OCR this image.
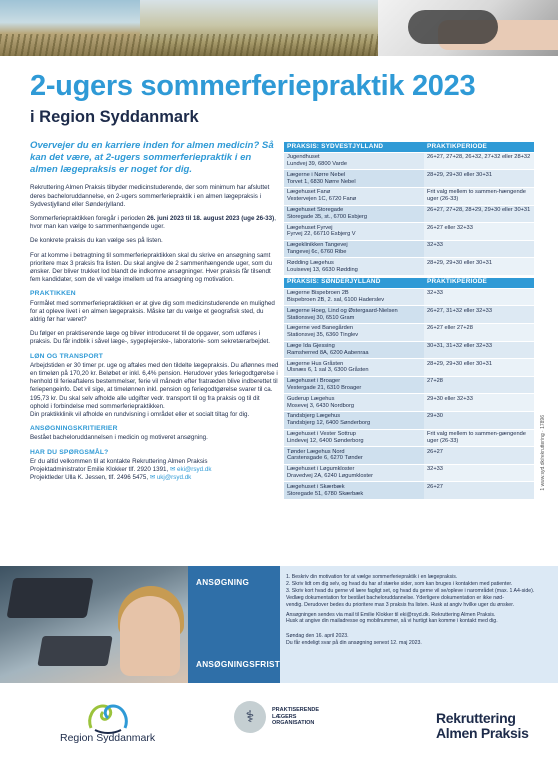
2-ugers sommerferiepraktik 2023
i Region Syddanmark
Overvejer du en karriere inden for almen medicin? Så kan det være, at 2-ugers sommerferiepraktik i en almen lægepraksis er noget for dig.
Rekruttering Almen Praksis tilbyder medicinstuderende, der som minimum har afsluttet deres bacheloruddannelse, en 2-ugers sommerferiepraktik i en almen lægepraksis i Sydvestjylland eller Sønderjylland.
Sommerferiepraktikken foregår i perioden 26. juni 2023 til 18. august 2023 (uge 26-33), hvor man kan vælge to sammenhængende uger.
De konkrete praksis du kan vælge ses på listen.
For at komme i betragtning til sommerferiepraktikken skal du skrive en ansøgning samt prioritere max 3 praksis fra listen. Du skal angive de 2 sammenhængende uger, som du ønsker. Der bliver trukket lod blandt de indkomne ansøgninger. Hver praksis får tilsendt fem kandidater, som de vil vælge imellem ud fra ansøgning og motivation.
PRAKTIKKEN
Formålet med sommerferiepraktikken er at give dig som medicinstuderende en mulighed for at opleve livet i en almen lægepraksis. Måske tør du vælge et geografisk sted, du aldrig før har været?
Du følger en praktiserende læge og bliver introduceret til de opgaver, som udføres i praksis. Du får indblik i såvel læge-, sygeplejerske-, laboratorie- som sekretærarbejdet.
LØN OG TRANSPORT
Arbejdstiden er 30 timer pr. uge og aftales med den tildelte lægepraksis. Du aflønnes med en timeløn på 170,20 kr. Beløbet er inkl. 6,4% pension. Herudover ydes feriegodtgørelse i henhold til ferieaftalens bestemmelser, ferie vil månedn efter fratræden blive indberettet til feriepengeinfo. Det vil sige, at timelønnen inkl. pension og feriegodtgørelse svarer til ca. 195,73 kr. Du skal selv afholde alle udgifter vedr. transport til og fra praksis og til dit ophold i forbindelse med sommerferiepraktikken.
Din praktikklinik vil afholde en rundvisning i området eller et socialt tiltag for dig.
ANSØGNINGSKRITIERIER
Bestået bacheloruddannelsen i medicin og motiveret ansøgning.
HAR DU SPØRGSMÅL?
Er du altid velkommen til at kontakte Rekruttering Almen Praksis
Projektadministrator Emilie Klokker tlf. 2920 1391, ✉ eki@rsyd.dk
Projektleder Ulla K. Jessen, tlf. 2496 5475, ✉ ukj@rsyd.dk
PRAKSIS: SYDVESTJYLLAND	PRAKTIKPERIODE

Jugendhuset
Lundvej 39, 6800 Varde	26+27, 27+28, 26+32, 27+32 eller 28+32

Lægerne i Nørre Nebel
Torvet 1, 6830 Nørre Nebel	28+29, 29+30 eller 30+31

Lægehuset Fanø
Vestervejen 1C, 6720 Fanø	Frit valg mellem to sammen-hængende uger (26-33)

Lægehuset Storegade
Storegade 35, st., 6700 Esbjerg	26+27, 27+28, 28+29, 29+30 eller 30+31

Lægehuset Fyrvej
Fyrvej 22, 66710 Esbjerg V	26+27 eller 32+33

Lægeklinikken Tangevej
Tangevej 6c, 6760 Ribe	32+33

Rødding Lægehus
Louisevej 13, 6630 Rødding	28+29, 29+30 eller 30+31
PRAKSIS: SØNDERJYLLAND	PRAKTIKPERIODE

Lægerne Bispebroen 2B
Bispebroen 2B, 2. sal, 6100 Haderslev	32+33

Lægerne Hoeg, Lind og Østergaard-Nielsen
Stationsvej 30, 6510 Gram	26+27, 31+32 eller 32+33

Lægerne ved Banegården
Stationsvej 35, 6360 Tinglev	26+27 eller 27+28

Læge Ida Gjessing
Ramsherred 8A, 6200 Aabenraa	30+31, 31+32 eller 32+33

Lægerne Hus Gråsten
Ulsnæs 6, 1 sal 3, 6300 Gråsten	28+29, 29+30 eller 30+31

Lægehuset i Broager
Vestergade 21, 6310 Broager	27+28

Guderup Lægehus
Mosevej 3, 6430 Nordborg	29+30 eller 32+33

Tandsbjerg Lægehus
Tandsbjerg 12, 6400 Sønderborg	29+30

Lægehuset i Vester Sottrup
Lindevej 12, 6400 Sønderborg	Frit valg mellem to sammen-gængende uger (26-33)

Tønder Lægehus Nord
Carstensgade 6, 6270 Tønder	26+27

Lægehuset i Løgumkloster
Dravedvej 2A, 6240 Løgumkloster	32+33

Lægehuset i Skærbæk
Storegade 51, 6780 Skærbæk	26+27	1 www.syd.dk/rekruttering · 17896
ANSØGNING
ANSØGNINGSFRIST
1. Beskriv din motivation for at vælge sommerferiepraktik i en lægepraksis.
2. Skriv lidt om dig selv, og hvad du har af stærke sider, som kan bruges i kontakten med patienter.
3. Skriv kort hvad du gerne vil lære fagligt set, og hvad du gerne vil se/opleve i narområdet (max. 1 A4-side).
Vedlæg dokumentation for bestået bacheloruddannelse. Yderligere dokumentation er ikke nød-
vendig. Derudover bedes du prioritere max 3 praksis fra listen. Husk at angiv hvilke uger du ønsker.
Ansøgningen sendes via mail til Emilie Klokker til eki@rsyd.dk. Rekruttering Almen Praksis.
Husk at angive din mailadresse og mobilnummer, så vi hurtigt kan komme i kontakt med dig.
Søndag den 16. april 2023.
Du får endeligt svar på din ansøgning senest 12. maj 2023.
Region Syddanmark
⚕	PRAKTISERENDE
LÆGERS
ORGANISATION	Rekruttering
Almen Praksis
